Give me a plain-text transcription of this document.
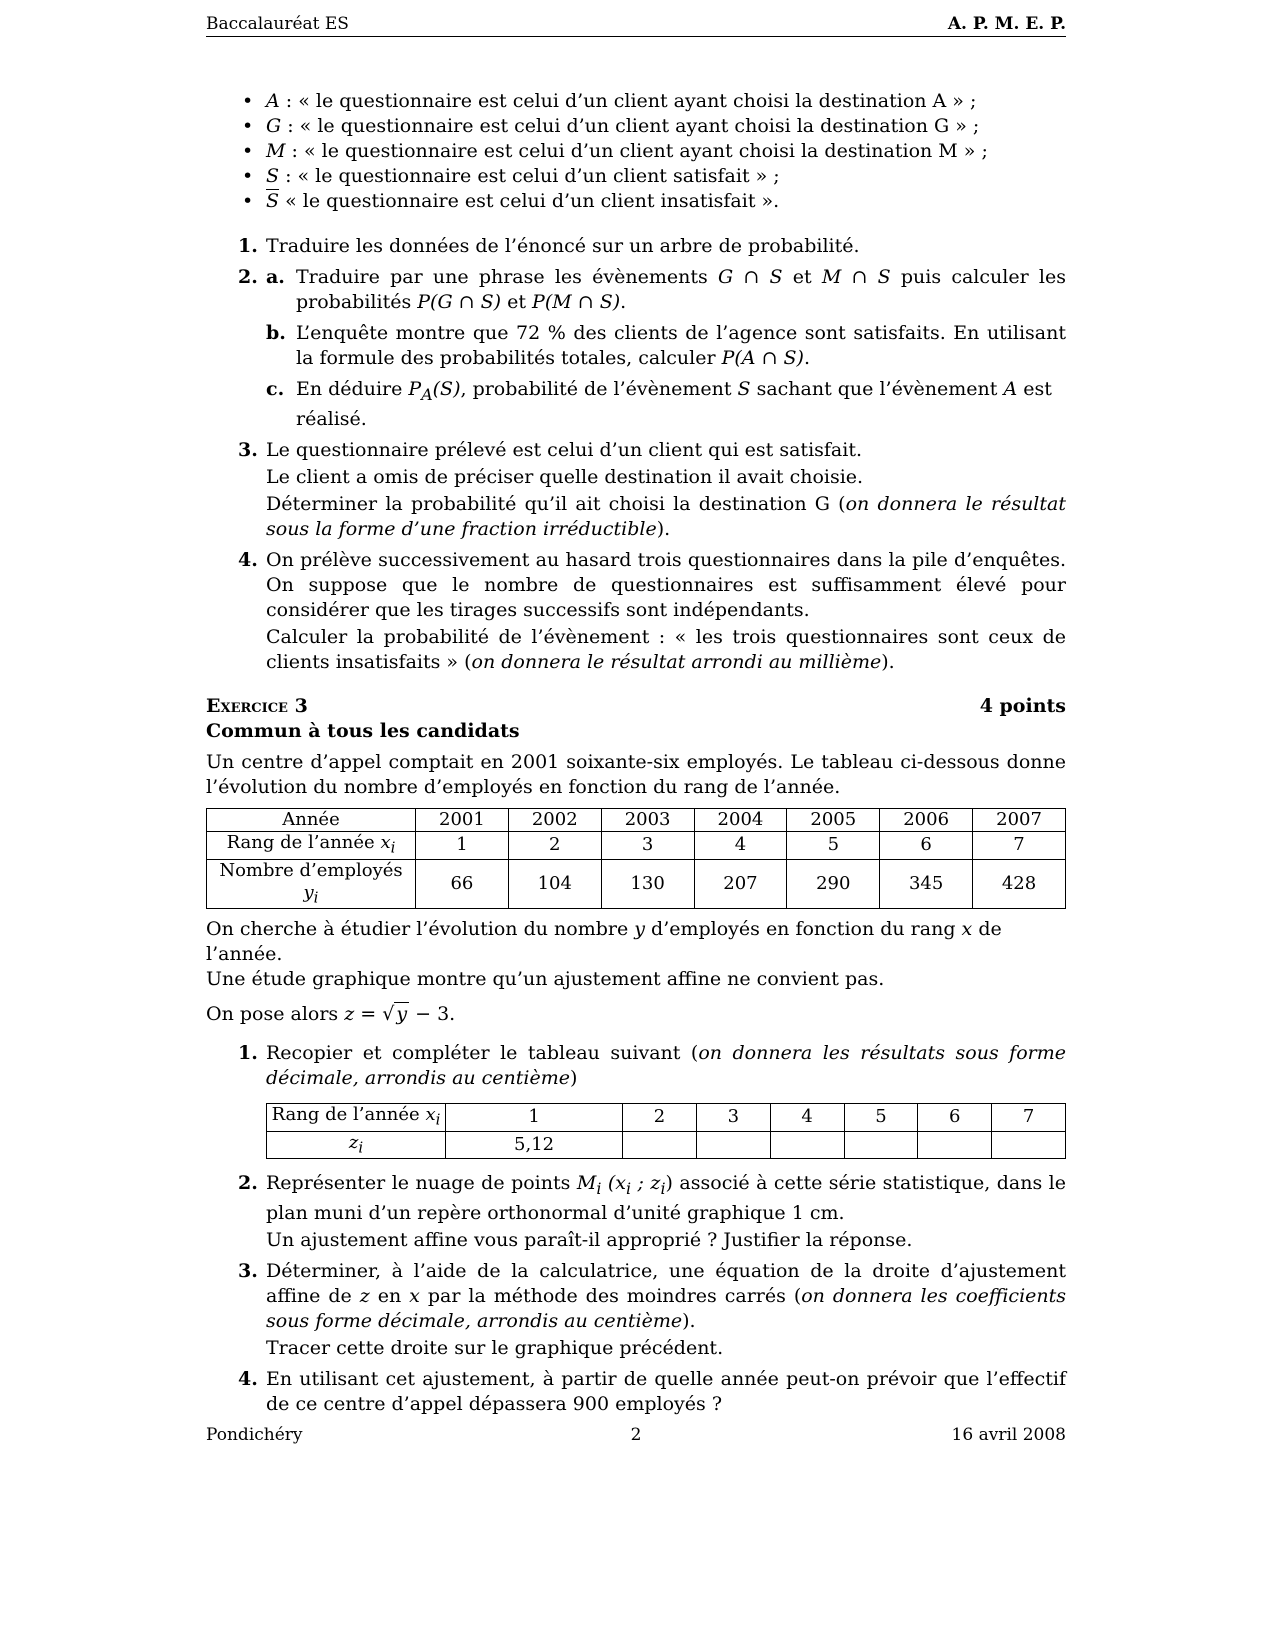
Baccalauréat ES	A. P. M. E. P.
• A : « le questionnaire est celui d’un client ayant choisi la destination A » ;
• G : « le questionnaire est celui d’un client ayant choisi la destination G » ;
• M : « le questionnaire est celui d’un client ayant choisi la destination M » ;
• S : « le questionnaire est celui d’un client satisfait » ;
• $\overline{S}$ « le questionnaire est celui d’un client insatisfait ».
1. Traduire les données de l’énoncé sur un arbre de probabilité.
2. a. Traduire par une phrase les évènements G ∩ S et M ∩ S puis calculer les probabilités P(G ∩ S) et P(M ∩ S).
b. L’enquête montre que 72 % des clients de l’agence sont satisfaits. En utilisant la formule des probabilités totales, calculer P(A ∩ S).
c. En déduire $P_A(S)$, probabilité de l’évènement S sachant que l’évènement A est réalisé.
3. Le questionnaire prélevé est celui d’un client qui est satisfait.

Le client a omis de préciser quelle destination il avait choisie.

Déterminer la probabilité qu’il ait choisi la destination G (on donnera le résultat sous la forme d’une fraction irréductible).

4. On prélève successivement au hasard trois questionnaires dans la pile d’enquêtes. On suppose que le nombre de questionnaires est suffisamment élevé pour considérer que les tirages successifs sont indépendants.

Calculer la probabilité de l’évènement : « les trois questionnaires sont ceux de clients insatisfaits » (on donnera le résultat arrondi au millième).

Exercice 3	4 points
Commun à tous les candidats

Un centre d’appel comptait en 2001 soixante-six employés. Le tableau ci-dessous donne l’évolution du nombre d’employés en fonction du rang de l’année.

Année	2001	2002	2003	2004	2005	2006	2007
Rang de l’année $x_i$	1	2	3	4	5	6	7
Nombre d’employés $y_i$	66	104	130	207	290	345	428

On cherche à étudier l’évolution du nombre y d’employés en fonction du rang x de l’année.

Une étude graphique montre qu’un ajustement affine ne convient pas.

On pose alors z = √ y − 3.

1. Recopier et compléter le tableau suivant (on donnera les résultats sous forme décimale, arrondis au centième)

Rang de l’année $x_i$	1	2	3	4	5	6	7
$z_i$	5,12						
2. Représenter le nuage de points $M_i$ ($x_i$ ; $z_i$) associé à cette série statistique, dans le plan muni d’un repère orthonormal d’unité graphique 1 cm.

Un ajustement affine vous paraît-il approprié ? Justifier la réponse.

3. Déterminer, à l’aide de la calculatrice, une équation de la droite d’ajustement affine de z en x par la méthode des moindres carrés (on donnera les coefficients sous forme décimale, arrondis au centième).

Tracer cette droite sur le graphique précédent.

4. En utilisant cet ajustement, à partir de quelle année peut-on prévoir que l’effectif de ce centre d’appel dépassera 900 employés ?

Pondichéry	2	16 avril 2008
